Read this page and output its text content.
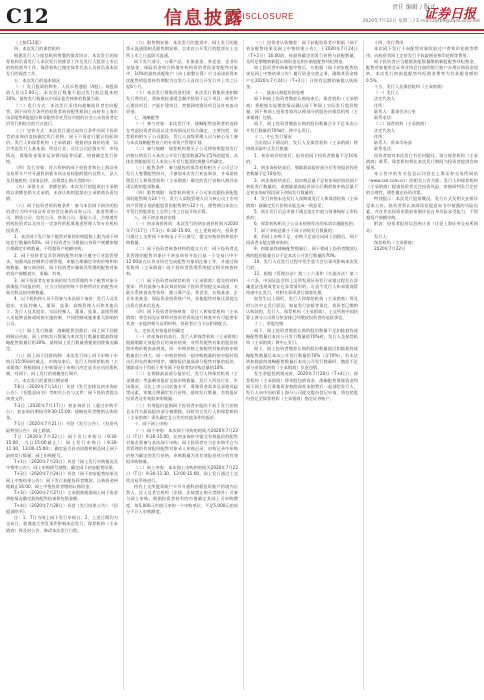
C12	信息披露
DISCLOSURE
责任 编辑 / 版式
证券日报
2020年7月22日 星期三 / E-mail:zqrb9@zqrb.sina.net

（上接C11版）

四、本次发行的保荐机构

根据发行人与保荐机构签署的保荐协议，本次发行的保荐机构负责发行人本次发行的推荐工作及发行人股票上市后的持续督导工作。保荐机构已指定保荐代表人具体负责本次发行的保荐工作。

五、本次发行的基本情况

（一）发行股票的种类：人民币普通股（A股）。每股面值人民币1.00元。本次发行数量不超过发行前总股本的30%，最终发行数量以中国证监会核准的数量为准。

（二）发行方式：本次发行采用向战略投资者定向配售、网下向符合条件的投资者询价配售和网上向持有上海市场非限售A股股份和非限售存托凭证市值的社会公众投资者定价发行相结合的方式进行。

（三）定价方式：本次发行通过向符合条件的网下投资者初步询价直接确定发行价格，网下不再进行累计投标询价。发行人和保荐机构（主承销商）根据初步询价结果，综合考虑发行人基本面、所处行业、可比公司估值水平、市场情况、募集资金需求及承销风险等因素，协商确定发行价格。

（四）发行对象：符合资格的网下投资者和在上海证券交易所开户并开通科创板市场交易权限的境内自然人、法人及其他机构（国家法律、法规禁止购买者除外）。

（五）承销方式：余额包销。本次发行的股票由主承销商以余额包销方式承销，未获认购的股票由主承销商负责包销。

（六）网下投资者的资格条件：参与本次网下询价的投资者应为经中国证券业协会注册的证券公司、基金管理公司、期货公司、信托公司、财务公司、保险公司、合格境外机构投资者以及符合一定条件的私募基金管理人等专业机构投资者。

1、本次网下发行每个配售对象的申购股数上限为网下初始发行数量的50%，网下投资者应当根据自身资产规模审慎合理确定申购数量，不得超资产规模申购。

2、网下投资者及其管理的配售对象应遵守行业监管要求，加强风险控制和合规管理，审慎合理确定申购价格和申购数量。参与询价时，网下投资者应确保其管理的配售对象的资产规模真实、准确、有效。

3、网下投资者在初步询价时为其管理的多个配售对象分别填报不同报价的，应当分别说明每个价格所对应的配售对象名称及拟申购数量。

4、以下机构和人员不得参与本次网下询价：发行人及其股东、实际控制人、董事、监事、高级管理人员和其他员工；发行人及其股东、实际控制人、董事、监事、高级管理人员能够直接或间接实施控制、共同控制或施加重大影响的公司。

（七）网上发行数量：战略配售回拨后、网上网下回拨机制启动前，网上初始发行数量为本次发行数量扣除最终战略配售数量后的30%。最终网上发行数量将根据回拨情况确定。

（八）网上网下回拨机制：本次发行网上网下申购于申购日15:00同时截止。申购结束后，发行人和保荐机构（主承销商）将根据网上申购情况于申购日决定是否启动回拨机制，对网下、网上发行的规模进行调节。

六、本次发行的重要日期安排

T-6日（2020年7月14日）刊登《发行安排及初步询价公告》、《招股意向书》等相关公告与文件；网下投资者提交核查文件。

T-3日（2020年7月17日）初步询价日（通过申购平台），初步询价期间为9:30-15:00；战略投资者缴纳认购资金。

T-1日（2020年7月21日）刊登《发行公告》、《投资风险特别公告》；网上路演。

T日（2020年7月22日）网下发行申购日（9:30-15:00，当日15:00截止）；网上发行申购日（9:30-11:30，13:00-15:00）；确定是否启动回拨机制及网上网下最终发行数量；网上申购配号。

T+1日（2020年7月23日）刊登《网上发行申购情况及中签率公告》；网上申购摇号抽签；确定网下初步配售结果。

T+2日（2020年7月24日）刊登《网下初步配售结果及网上中签结果公告》；网下发行获配投资者缴款，认购资金到账截止16:00；网上中签投资者缴纳认购资金。

T+3日（2020年7月27日）主承销商根据网上网下资金到账情况确定最终配售结果和包销金额。

T+4日（2020年7月28日）刊登《发行结果公告》、《招股说明书》。

注：1、T日为网上网下发行申购日；2、上述日期均为交易日，如遇重大突发事件影响本次发行，保荐机构（主承销商）将及时公告，修改本次发行日程。

（九）限售期安排：本次发行的股票中，网上发行的股票无流通限制及限售期安排，自本次公开发行的股票在上交所上市之日起即可流通。

网下发行部分，公募产品、社保基金、养老金、企业年金基金、保险资金和合格境外机构投资者资金等配售对象中，10%的最终获配账户（向上取整计算）应当承诺获得本次配售的股票持有期限为自发行人首次公开发行并上市之日起6个月。

（十）本次发行募集资金用途：本次发行募集资金扣除发行费用后，将按照轻重缓急顺序投资于以下项目：研发中心建设项目、产能扩建项目、营销网络建设项目及补充流动资金。

七、战略配售

（一）参与对象：本次发行中，战略配售投资者的选择在考虑投资者资质以及市场情况后综合确定，主要包括：保荐机构相关子公司跟投、发行人高级管理人员与核心员工参与本次战略配售设立的专项资产管理计划。

（二）参与规模：保荐机构相关子公司将按照股票发行价格认购发行人本次公开发行股票数量2%至5%的股票，具体比例根据发行人本次公开发行股票的规模分档确定。

（三）配售条件：参与跟投的保荐机构相关子公司已与发行人签署配售协议，不参加本次发行初步询价，并承诺按照发行人和保荐机构（主承销商）确定的发行价格认购其承诺认购的股票数量。

（四）限售期限：保荐机构相关子公司本次跟投获配股票的限售期为24个月，发行人高级管理人员与核心员工专项资产管理计划获配股票的限售期为12个月。限售期自本次公开发行的股票在上交所上市之日起开始计算。

八、网下初步询价安排

（一）初步询价时间：本次发行的初步询价时间为2020年7月17日（T-3日）9:30-15:00。在上述时间内，投资者可通过上交所网下申购电子平台填写、提交申购价格和拟申购数量。

（二）网下投资者核查材料的提交方式：网下投资者及其管理的配售对象应于初步询价开始日前一个交易日中午12:00前在证券业协会完成配售对象的注册工作，并通过保荐机构（主承销商）网下投资者管理系统提交相关核查材料。

（三）网下投资者向保荐机构（主承销商）提交的材料要求：所有拟参与本次询价的网下投资者须提交承诺函、关联关系核查表等资料；除公募产品、养老金、社保基金、企业年金基金、保险资金投资账户外，其他配售对象还需提交出资方基本信息表。

（四）网下投资者资格核查：发行人和保荐机构（主承销商）将会同见证律师对投资者资质进行核查并有可能要求其进一步提供相关证明材料，投资者应当予以积极配合。

九、定价及有效报价的确定

（一）初步询价结束后，发行人和保荐机构（主承销商）根据剔除无效报价后的询价结果，对所有配售对象的报价按照申购价格由高到低、同一申购价格上按配售对象的拟申购数量由小到大、同一申购价格同一拟申购数量的按申报时间由后到先的顺序排序，剔除报价最高部分配售对象的报价，剔除部分不得低于所有网下投资者拟申购总量的10%。

（二）在剔除最高部分报价后，发行人和保荐机构（主承销商）考虑剩余报价及拟申购数量、发行人所处行业、市场情况、可比上市公司估值水平、募集资金需求及承销风险等因素，审慎合理确定发行价格、最终发行数量、有效报价投资者及有效拟申购数量。

（三）有效报价是指网下投资者申报的不低于发行价格且未作为最高报价部分被剔除，同时符合发行人和保荐机构（主承销商）事先确定且公告的其他条件的报价。

十、网下网上申购

（一）网下申购：本次网下申购的时间为2020年7月22日（T日）9:30-15:00。在初步询价中提交有效报价的配售对象必须参与本次网下申购。网下投资者应当在申购平台为其管理的有效报价配售对象录入申购记录，申购记录中申购价格为确定的发行价格，申购数量为其有效报价对应的有效拟申购数量。

（二）网上申购：本次网上申购的时间为2020年7月22日（T日）9:30-11:30、13:00-15:00。网上发行通过上交所交易系统进行。

持有上交所股票账户卡并开通科创板投资账户的境内自然人、法人及其它机构（法律、法规禁止购买者除外）可参与网上申购。根据投资者持有的市值确定其网上可申购额度，每5,000元市值可申购一个申购单位，不足5,000元的部分不计入申购额度。

（三）投资者认购缴款：网下获配投资者应根据《网下初步配售结果及网上中签结果公告》，于2020年7月24日（T+2日）16:00前，按最终确定的发行价格与获配数量，及时足额缴纳新股认购资金及相应新股配售经纪佣金。

网上投资者申购新股中签后，应根据《网下初步配售结果及网上中签结果公告》履行资金交收义务，确保其资金账户在2020年7月24日（T+2日）日终有足额的新股认购资金。

十一、放弃认购股份的处理

网下和网上投资者缴款认购结束后，保荐机构（主承销商）将根据实际缴款情况确认网下和网上实际发行股份数量。网下和网上投资者放弃认购部分的股份由保荐机构（主承销商）包销。

网下、网上投资者缴款认购的股份数量合计不足本次公开发行数量的70%时，将中止发行。

十二、中止发行情况

当出现以下情况时，发行人及保荐机构（主承销商）将协商采取中止发行措施：

1、初步询价结束后，报价的网下投资者数量不足10家的；

2、初步询价结束后，剔除最高报价部分后有效报价投资者数量不足10家的；

3、初步询价结束后，拟申购总量不足初步询价阶段网下初始发行数量的，或剔除最高报价部分后剩余拟申购总量不足初步询价阶段网下初始发行数量的；

4、发行价格未达发行人预期或发行人和保荐机构（主承销商）就确定发行价格未能达成一致意见；

5、预计发行后总市值不满足选定市值与财务指标上市标准的；

6、保荐机构相关子公司未按照作出的承诺实施跟投的；

7、网下申购总量小于网下初始发行数量的；

8、若网上申购不足，申购不足部分向网下回拨后，网下投资者未能足额申购的；

9、扣除最终战略配售数量后，网下和网上投资者缴款认购的股份数量合计不足本次公开发行数量的70%；

10、发行人在发行过程中发生重大会后事项影响本次发行的；

11、根据《管理办法》第三十六条和《实施办法》第二十六条，中国证监会和上交所发现证券发行承销过程存在涉嫌违法违规或者存在异常情形的，可责令发行人和承销商暂停或中止发行，对相关事项进行调查处理。

如发生以上情形，发行人和保荐机构（主承销商）将及时公告中止发行原因、恢复发行安排等事宜。投资者已缴纳认购款的，发行人、保荐机构（主承销商）、上交所和中国结算上海分公司将尽快安排已经缴款投资者的退款事宜。

十三、余股包销

网下、网上投资者缴款认购的股份数量不足扣除最终战略配售数量后本次公开发行数量的70%时，发行人及保荐机构（主承销商）将中止发行。

网下、网上投资者缴款认购的股份数量超过扣除最终战略配售数量后本次公开发行数量的70%（含70%），但未达到扣除最终战略配售数量后本次公开发行数量时，缴款不足部分由保荐机构（主承销商）负责包销。

发生余股包销情况时，2020年7月28日（T+4日），保荐机构（主承销商）将余股包销资金、战略配售募集资金和网下网上发行募集资金扣除保荐承销费后一起划给发行人，发行人向中国结算上海分公司提交股份登记申请，将包销股份登记至保荐机构（主承销商）指定证券账户。

十四、发行费用

本次网下发行不向配售对象收取过户费和印花税等费用。向投资者网上定价发行不收取佣金和印花税等费用。

网下投资者应当根据获配数量缴纳新股配售经纪佣金，配售对象使用在证券业协会注册的银行账户办理认购资金划转。本次发行的新股配售经纪佣金费率为其获配金额的0.5%。

十五、发行人及保荐机构（主承销商）

（一）发行人

法定代表人：　　　　　　　　　　　　　

住所：　　　　　　　　　　　　　　　　

联系人：董事会办公室

联系电话：　　　　　　　　　　　　　　

（二）保荐机构（主承销商）

法定代表人：　　　　　　　　　　　　　

住所：　　　　　　　　　　　　　　　　

联系人：资本市场部

联系电话：　　　　　　　　　　　　　　

投资者如对本次发行有任何疑问，请与保荐机构（主承销商）联系，保荐机构将在本次发行期间为投资者提供咨询服务。

本公告中的有关信息以刊登在上海证券交易所网站（www.sse.com.cn）的相关公告为准。发行人和保荐机构（主承销商）提请投资者关注投资风险，审慎研判发行定价的合理性，理性做出投资决策。

特别提示：本次发行股票概况、发行方式及相关安排详见本公告。投资者须认真阅读招股意向书中披露的风险因素，并在作出投资决策前审慎评估自身风险承受能力，不得超资产规模申购。

附表：投资者报价信息统计表（详见上海证券交易所网站）

发行人：

保荐机构（主承销商）：

2020年7月22日
